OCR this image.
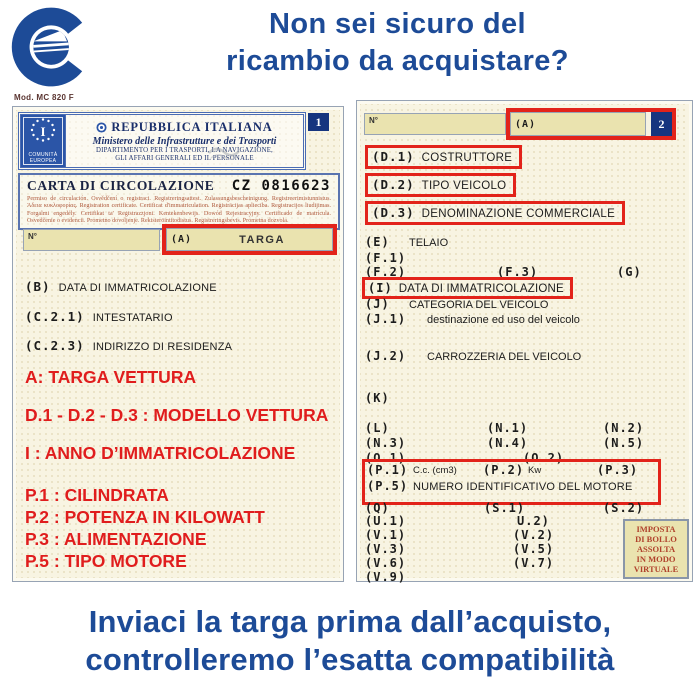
Non sei sicuro del
ricambio da acquistare?
Mod. MC 820 F
I
COMUNITÀ
EUROPEA
REPUBBLICA ITALIANA
Ministero delle Infrastrutture e dei Trasporti
DIPARTIMENTO PER I TRASPORTI, LA NAVIGAZIONE,
GLI AFFARI GENERALI ED IL PERSONALE
1
CARTA DI CIRCOLAZIONE CZ 0816623
Permiso de circulación. Osvědčení o registraci. Registreringsattest. Zulassungsbescheinigung. Registreerimistunnistus. Άδεια κυκλοφορίας. Registration certificate. Certificat d'immatriculation. Reģistrācijas apliecība. Registracijos liudijimas. Forgalmi engedély. Ċertifikat ta' Reġistrazzjoni. Kentekenbewijs. Dowód Rejestracyjny. Certificado de matrícula. Osvedčenie o evidencii. Prometno dovoljenje. Rekisteröintitodistus. Registreringsbevis. Prometna dozvola.
N°	(A)	TARGA
(B) DATA DI IMMATRICOLAZIONE
(C.2.1) INTESTATARIO
(C.2.3) INDIRIZZO DI RESIDENZA
A: TARGA VETTURA
D.1 - D.2 - D.3 : MODELLO VETTURA
I : ANNO D’IMMATRICOLAZIONE
P.1 : CILINDRATA
P.2 : POTENZA IN KILOWATT
P.3 : ALIMENTAZIONE
P.5 : TIPO MOTORE
N°	(A)	2
(D.1) COSTRUTTORE
(D.2) TIPO VEICOLO
(D.3) DENOMINAZIONE COMMERCIALE
(E) TELAIO
(F.1)
(F.2)	(F.3)	(G)
(I) DATA DI IMMATRICOLAZIONE
(J) CATEGORIA DEL VEICOLO
(J.1) destinazione ed uso del veicolo
(J.2) CARROZZERIA DEL VEICOLO
(K)
(L)	(N.1)	(N.2)
(N.3)	(N.4)	(N.5)
(O.1)	(O.2)
(P.1) C.c. (cm3) (P.2) Kw	(P.3)
(P.5) NUMERO IDENTIFICATIVO DEL MOTORE
(Q)	(S.1)	(S.2)
(U.1)	U.2)
(V.1)	(V.2)
(V.3)	(V.5)
(V.6)	(V.7)
(V.9)
IMPOSTA
DI BOLLO
ASSOLTA
IN MODO
VIRTUALE
Inviaci la targa prima dall’acquisto,
controlleremo l’esatta compatibilità
